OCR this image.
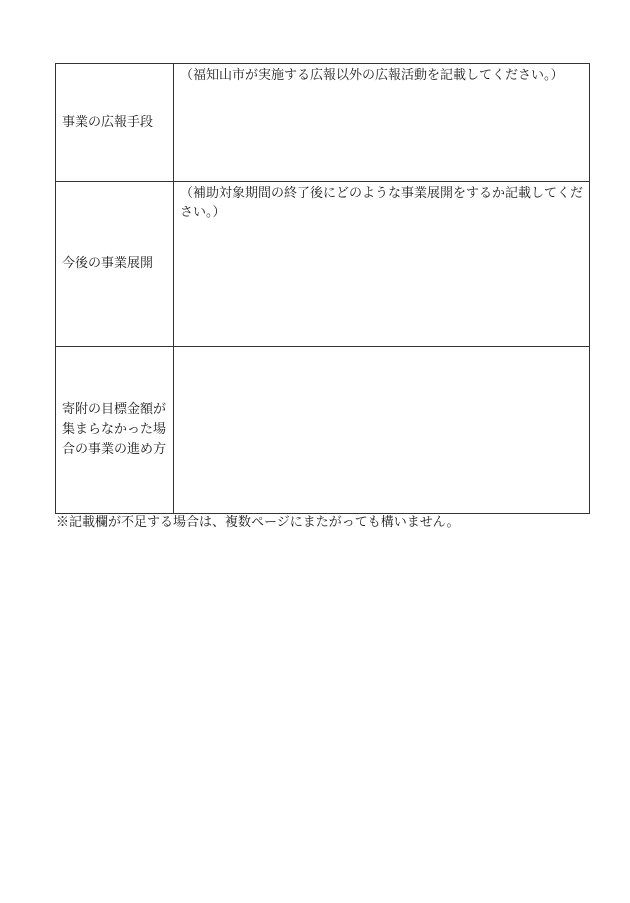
事業の広報手段	（福知山市が実施する広報以外の広報活動を記載してください。）

今後の事業展開	（補助対象期間の終了後にどのような事業展開をするか記載してください。）

寄附の目標金額が集まらなかった場合の事業の進め方	

※記載欄が不足する場合は、複数ページにまたがっても構いません。
